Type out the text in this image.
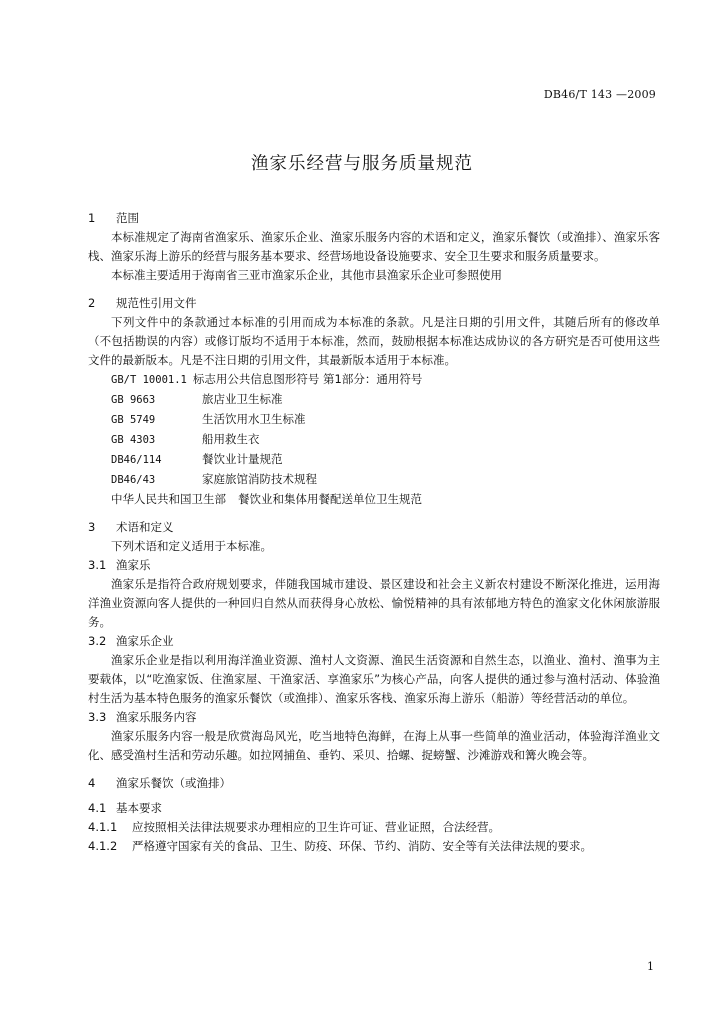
DB46/T 143 —2009
渔家乐经营与服务质量规范
1 范围

本标准规定了海南省渔家乐、渔家乐企业、渔家乐服务内容的术语和定义，渔家乐餐饮（或渔排）、渔家乐客栈、渔家乐海上游乐的经营与服务基本要求、经营场地设备设施要求、安全卫生要求和服务质量要求。

本标准主要适用于海南省三亚市渔家乐企业，其他市县渔家乐企业可参照使用

2 规范性引用文件

下列文件中的条款通过本标准的引用而成为本标准的条款。凡是注日期的引用文件，其随后所有的修改单（不包括勘误的内容）或修订版均不适用于本标准，然而，鼓励根据本标准达成协议的各方研究是否可使用这些文件的最新版本。凡是不注日期的引用文件，其最新版本适用于本标准。

GB/T 10001.1 标志用公共信息图形符号 第1部分：通用符号
GB 9663	旅店业卫生标准
GB 5749	生活饮用水卫生标准
GB 4303	船用救生衣
DB46/114	餐饮业计量规范
DB46/43	家庭旅馆消防技术规程
中华人民共和国卫生部 餐饮业和集体用餐配送单位卫生规范
3 术语和定义

下列术语和定义适用于本标准。

3.1 渔家乐

渔家乐是指符合政府规划要求，伴随我国城市建设、景区建设和社会主义新农村建设不断深化推进，运用海洋渔业资源向客人提供的一种回归自然从而获得身心放松、愉悦精神的具有浓郁地方特色的渔家文化休闲旅游服务。

3.2 渔家乐企业

渔家乐企业是指以利用海洋渔业资源、渔村人文资源、渔民生活资源和自然生态，以渔业、渔村、渔事为主要载体，以“吃渔家饭、住渔家屋、干渔家活、享渔家乐”为核心产品，向客人提供的通过参与渔村活动、体验渔村生活为基本特色服务的渔家乐餐饮（或渔排）、渔家乐客栈、渔家乐海上游乐（船游）等经营活动的单位。

3.3 渔家乐服务内容

渔家乐服务内容一般是欣赏海岛风光，吃当地特色海鲜，在海上从事一些简单的渔业活动，体验海洋渔业文化、感受渔村生活和劳动乐趣。如拉网捕鱼、垂钓、采贝、拾螺、捉螃蟹、沙滩游戏和篝火晚会等。

4 渔家乐餐饮（或渔排）
4.1 基本要求
4.1.1 应按照相关法律法规要求办理相应的卫生许可证、营业证照，合法经营。
4.1.2 严格遵守国家有关的食品、卫生、防疫、环保、节约、消防、安全等有关法律法规的要求。
1
